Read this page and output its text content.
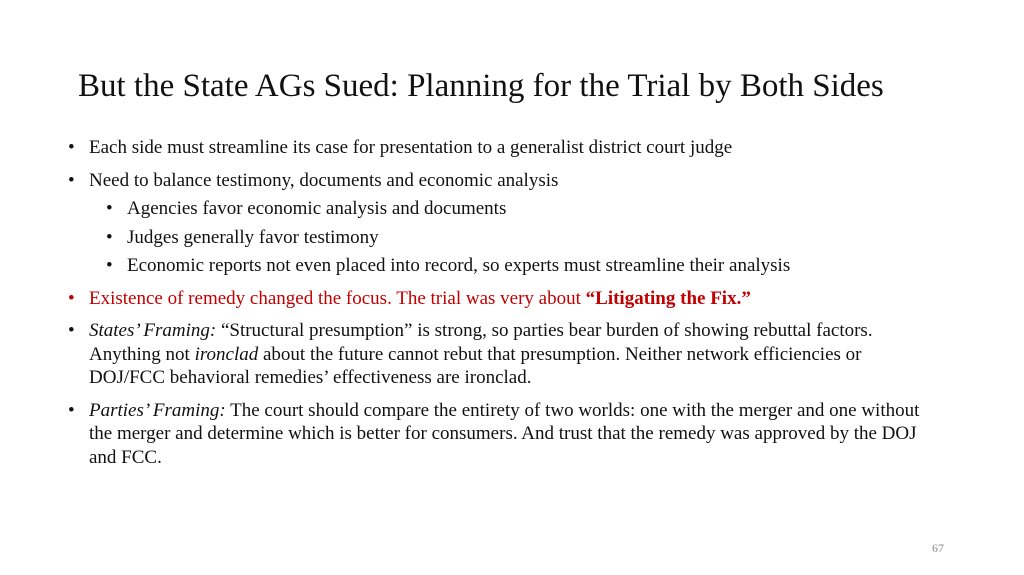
But the State AGs Sued: Planning for the Trial by Both Sides
• Each side must streamline its case for presentation to a generalist district court judge
• Need to balance testimony, documents and economic analysis
• Agencies favor economic analysis and documents
• Judges generally favor testimony
• Economic reports not even placed into record, so experts must streamline their analysis
• Existence of remedy changed the focus. The trial was very about “Litigating the Fix.”
• States’ Framing: “Structural presumption” is strong, so parties bear burden of showing rebuttal factors. Anything not ironclad about the future cannot rebut that presumption. Neither network efficiencies or DOJ/FCC behavioral remedies’ effectiveness are ironclad.
• Parties’ Framing: The court should compare the entirety of two worlds: one with the merger and one without the merger and determine which is better for consumers. And trust that the remedy was approved by the DOJ and FCC.
67
